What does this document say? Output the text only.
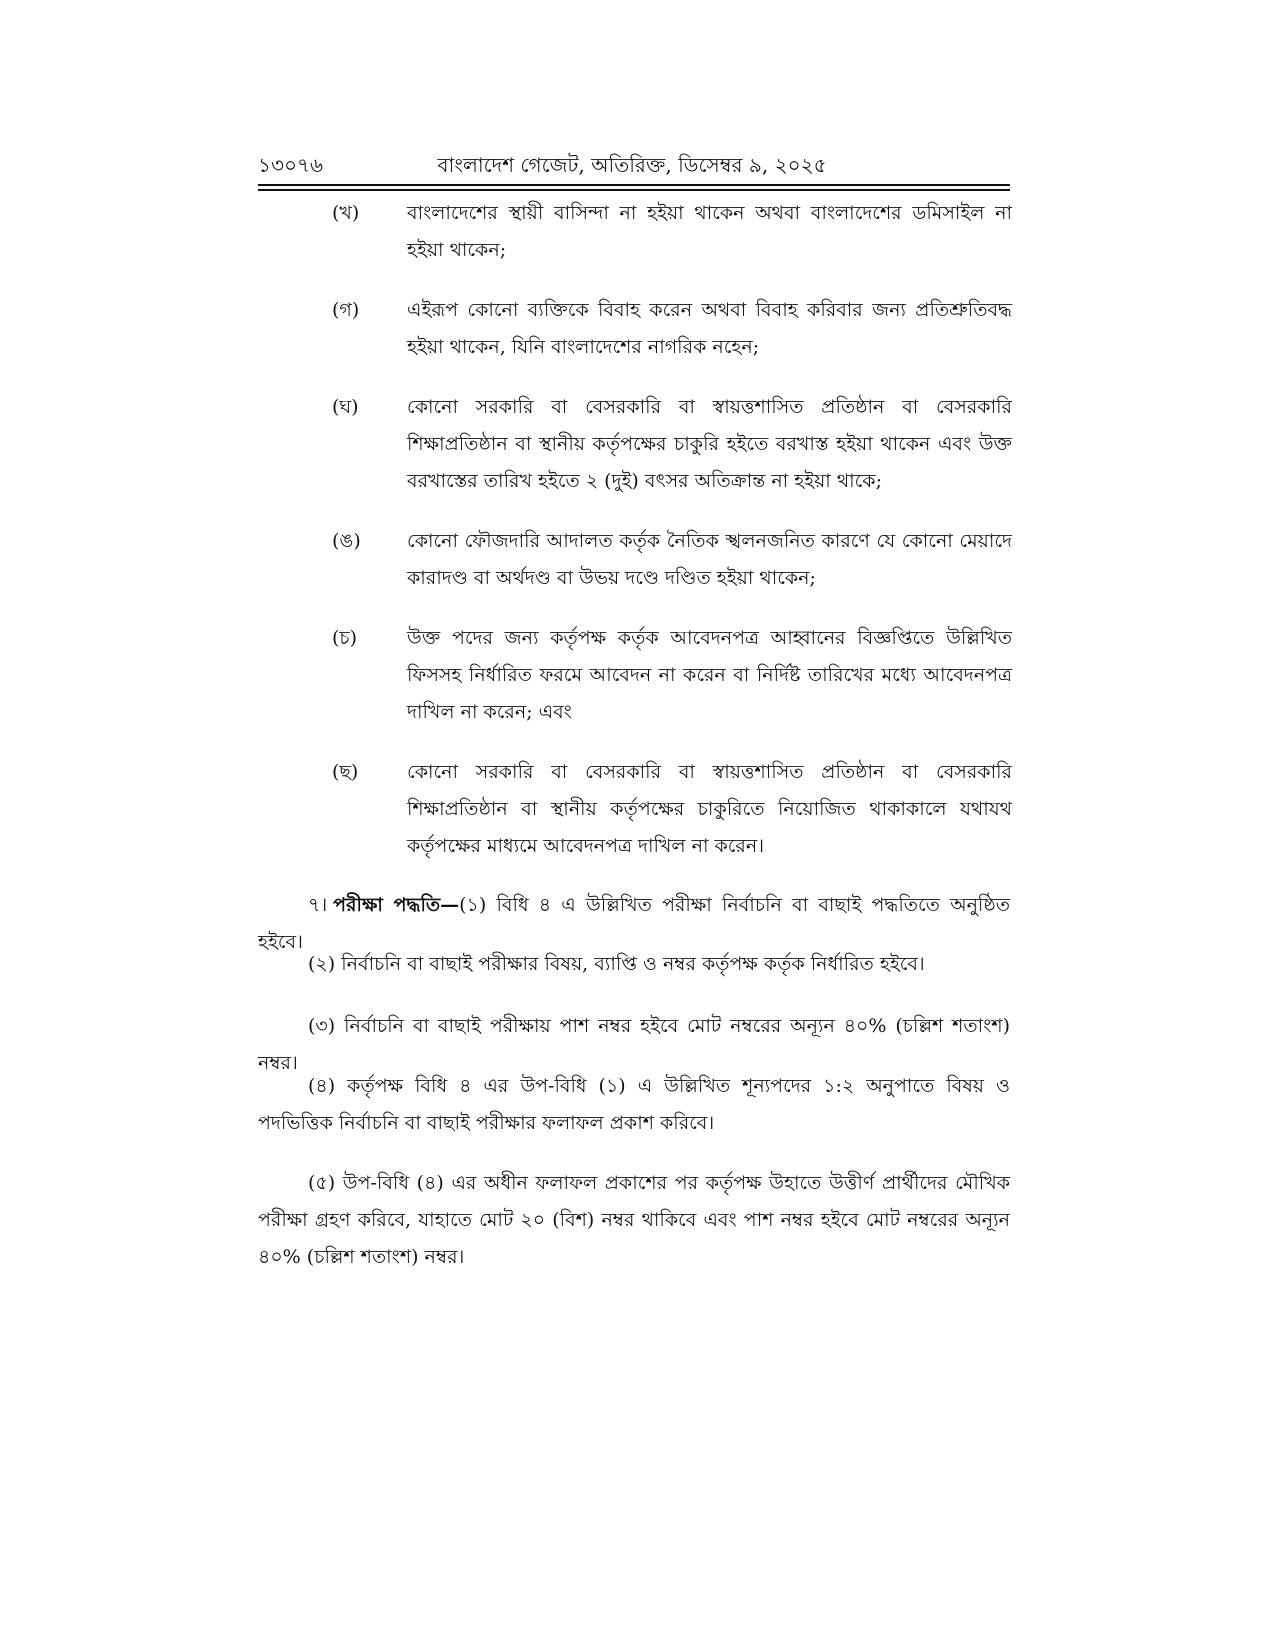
১৩০৭৬	বাংলাদেশ গেজেট, অতিরিক্ত, ডিসেম্বর ৯, ২০২৫
(খ)	বাংলাদেশের স্থায়ী বাসিন্দা না হইয়া থাকেন অথবা বাংলাদেশের ডমিসাইল না হইয়া থাকেন;
(গ)	এইরূপ কোনো ব্যক্তিকে বিবাহ করেন অথবা বিবাহ করিবার জন্য প্রতিশ্রুতিবদ্ধ হইয়া থাকেন, যিনি বাংলাদেশের নাগরিক নহেন;
(ঘ)	কোনো সরকারি বা বেসরকারি বা স্বায়ত্তশাসিত প্রতিষ্ঠান বা বেসরকারি শিক্ষাপ্রতিষ্ঠান বা স্থানীয় কর্তৃপক্ষের চাকুরি হইতে বরখাস্ত হইয়া থাকেন এবং উক্ত বরখাস্তের তারিখ হইতে ২ (দুই) বৎসর অতিক্রান্ত না হইয়া থাকে;
(ঙ)	কোনো ফৌজদারি আদালত কর্তৃক নৈতিক স্খলনজনিত কারণে যে কোনো মেয়াদে কারাদণ্ড বা অর্থদণ্ড বা উভয় দণ্ডে দণ্ডিত হইয়া থাকেন;
(চ)	উক্ত পদের জন্য কর্তৃপক্ষ কর্তৃক আবেদনপত্র আহ্বানের বিজ্ঞপ্তিতে উল্লিখিত ফিসসহ নির্ধারিত ফরমে আবেদন না করেন বা নির্দিষ্ট তারিখের মধ্যে আবেদনপত্র দাখিল না করেন; এবং
(ছ)	কোনো সরকারি বা বেসরকারি বা স্বায়ত্তশাসিত প্রতিষ্ঠান বা বেসরকারি শিক্ষাপ্রতিষ্ঠান বা স্থানীয় কর্তৃপক্ষের চাকুরিতে নিয়োজিত থাকাকালে যথাযথ কর্তৃপক্ষের মাধ্যমে আবেদনপত্র দাখিল না করেন।
৭। পরীক্ষা পদ্ধতি—(১) বিধি ৪ এ উল্লিখিত পরীক্ষা নির্বাচনি বা বাছাই পদ্ধতিতে অনুষ্ঠিত হইবে।
(২) নির্বাচনি বা বাছাই পরীক্ষার বিষয়, ব্যাপ্তি ও নম্বর কর্তৃপক্ষ কর্তৃক নির্ধারিত হইবে।
(৩) নির্বাচনি বা বাছাই পরীক্ষায় পাশ নম্বর হইবে মোট নম্বরের অন্যূন ৪০% (চল্লিশ শতাংশ) নম্বর।
(৪) কর্তৃপক্ষ বিধি ৪ এর উপ-বিধি (১) এ উল্লিখিত শূন্যপদের ১:২ অনুপাতে বিষয় ও পদভিত্তিক নির্বাচনি বা বাছাই পরীক্ষার ফলাফল প্রকাশ করিবে।
(৫) উপ-বিধি (৪) এর অধীন ফলাফল প্রকাশের পর কর্তৃপক্ষ উহাতে উত্তীর্ণ প্রার্থীদের মৌখিক পরীক্ষা গ্রহণ করিবে, যাহাতে মোট ২০ (বিশ) নম্বর থাকিবে এবং পাশ নম্বর হইবে মোট নম্বরের অন্যূন ৪০% (চল্লিশ শতাংশ) নম্বর।
